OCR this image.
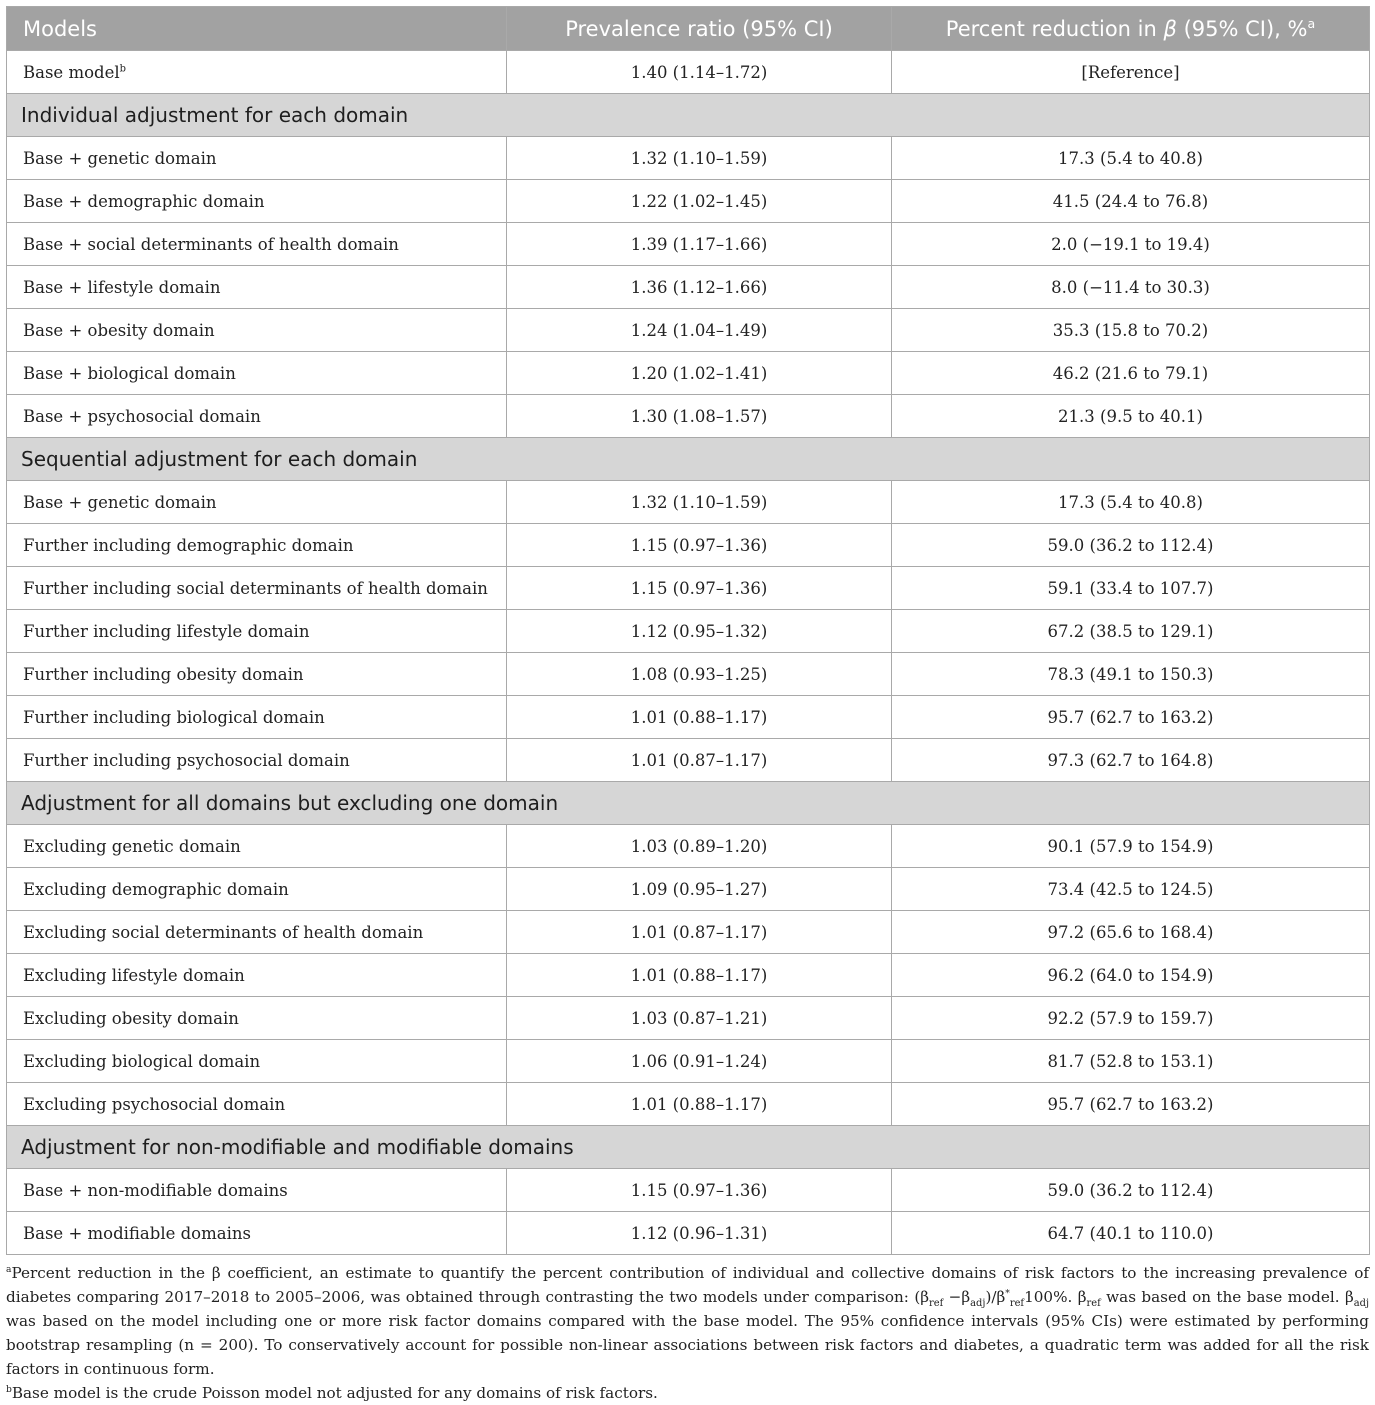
Models	Prevalence ratio (95% CI)	Percent reduction in β (95% CI), %$^a$
Base model$^b$	1.40 (1.14–1.72)	[Reference]
Individual adjustment for each domain		
Base + genetic domain	1.32 (1.10–1.59)	17.3 (5.4 to 40.8)
Base + demographic domain	1.22 (1.02–1.45)	41.5 (24.4 to 76.8)
Base + social determinants of health domain	1.39 (1.17–1.66)	2.0 (−19.1 to 19.4)
Base + lifestyle domain	1.36 (1.12–1.66)	8.0 (−11.4 to 30.3)
Base + obesity domain	1.24 (1.04–1.49)	35.3 (15.8 to 70.2)
Base + biological domain	1.20 (1.02–1.41)	46.2 (21.6 to 79.1)
Base + psychosocial domain	1.30 (1.08–1.57)	21.3 (9.5 to 40.1)
Sequential adjustment for each domain		
Base + genetic domain	1.32 (1.10–1.59)	17.3 (5.4 to 40.8)
Further including demographic domain	1.15 (0.97–1.36)	59.0 (36.2 to 112.4)
Further including social determinants of health domain	1.15 (0.97–1.36)	59.1 (33.4 to 107.7)
Further including lifestyle domain	1.12 (0.95–1.32)	67.2 (38.5 to 129.1)
Further including obesity domain	1.08 (0.93–1.25)	78.3 (49.1 to 150.3)
Further including biological domain	1.01 (0.88–1.17)	95.7 (62.7 to 163.2)
Further including psychosocial domain	1.01 (0.87–1.17)	97.3 (62.7 to 164.8)
Adjustment for all domains but excluding one domain		
Excluding genetic domain	1.03 (0.89–1.20)	90.1 (57.9 to 154.9)
Excluding demographic domain	1.09 (0.95–1.27)	73.4 (42.5 to 124.5)
Excluding social determinants of health domain	1.01 (0.87–1.17)	97.2 (65.6 to 168.4)
Excluding lifestyle domain	1.01 (0.88–1.17)	96.2 (64.0 to 154.9)
Excluding obesity domain	1.03 (0.87–1.21)	92.2 (57.9 to 159.7)
Excluding biological domain	1.06 (0.91–1.24)	81.7 (52.8 to 153.1)
Excluding psychosocial domain	1.01 (0.88–1.17)	95.7 (62.7 to 163.2)
Adjustment for non-modifiable and modifiable domains		
Base + non-modifiable domains	1.15 (0.97–1.36)	59.0 (36.2 to 112.4)
Base + modifiable domains	1.12 (0.96–1.31)	64.7 (40.1 to 110.0)

$^a$Percent reduction in the β coefficient, an estimate to quantify the percent contribution of individual and collective domains of risk factors to the increasing prevalence of diabetes comparing 2017–2018 to 2005–2006, was obtained through contrasting the two models under comparison: $(\beta_{ref} -\beta_{adj})/\beta^*_{ref}100\%$. $\beta_{ref}$ was based on the base model. $\beta_{adj}$ was based on the model including one or more risk factor domains compared with the base model. The 95% confidence intervals (95% CIs) were estimated by performing bootstrap resampling (n = 200). To conservatively account for possible non-linear associations between risk factors and diabetes, a quadratic term was added for all the risk factors in continuous form.

$^b$Base model is the crude Poisson model not adjusted for any domains of risk factors.
